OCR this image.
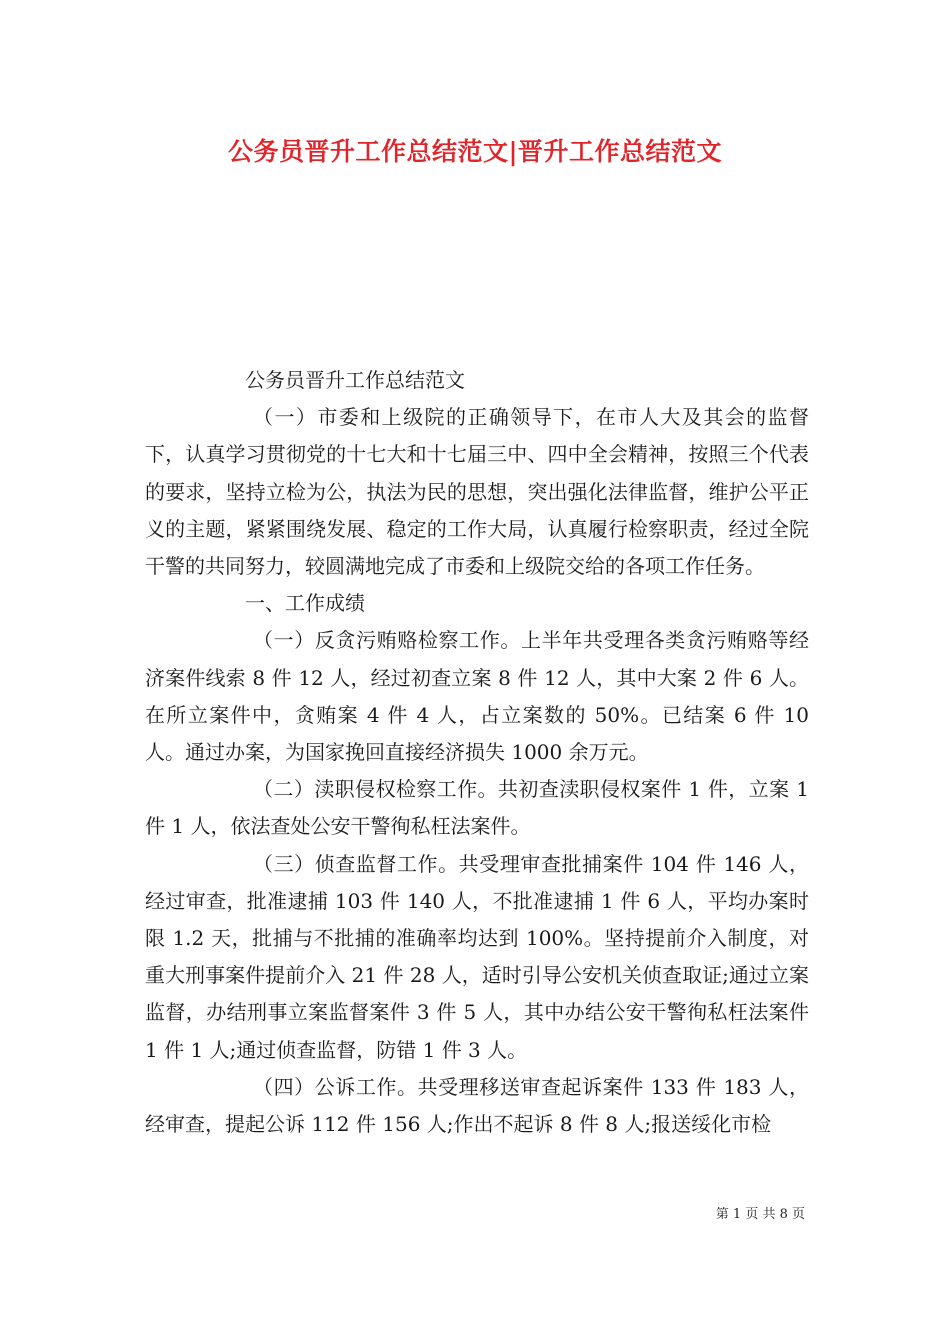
公务员晋升工作总结范文|晋升工作总结范文

公务员晋升工作总结范文

（一）市委和上级院的正确领导下，在市人大及其会的监督下，认真学习贯彻党的十七大和十七届三中、四中全会精神，按照三个代表的要求，坚持立检为公，执法为民的思想，突出强化法律监督，维护公平正义的主题，紧紧围绕发展、稳定的工作大局，认真履行检察职责，经过全院干警的共同努力，较圆满地完成了市委和上级院交给的各项工作任务。

一、工作成绩

（一）反贪污贿赂检察工作。上半年共受理各类贪污贿赂等经济案件线索 8 件 12 人，经过初查立案 8 件 12 人，其中大案 2 件 6 人。在所立案件中，贪贿案 4 件 4 人，占立案数的 50%。已结案 6 件 10 人。通过办案，为国家挽回直接经济损失 1000 余万元。

（二）渎职侵权检察工作。共初查渎职侵权案件 1 件，立案 1 件 1 人，依法查处公安干警徇私枉法案件。

（三）侦查监督工作。共受理审查批捕案件 104 件 146 人，经过审查，批准逮捕 103 件 140 人，不批准逮捕 1 件 6 人，平均办案时限 1.2 天，批捕与不批捕的准确率均达到 100%。坚持提前介入制度，对重大刑事案件提前介入 21 件 28 人，适时引导公安机关侦查取证;通过立案监督，办结刑事立案监督案件 3 件 5 人，其中办结公安干警徇私枉法案件 1 件 1 人;通过侦查监督，防错 1 件 3 人。

（四）公诉工作。共受理移送审查起诉案件 133 件 183 人，经审查，提起公诉 112 件 156 人;作出不起诉 8 件 8 人;报送绥化市检

第 1 页 共 8 页
